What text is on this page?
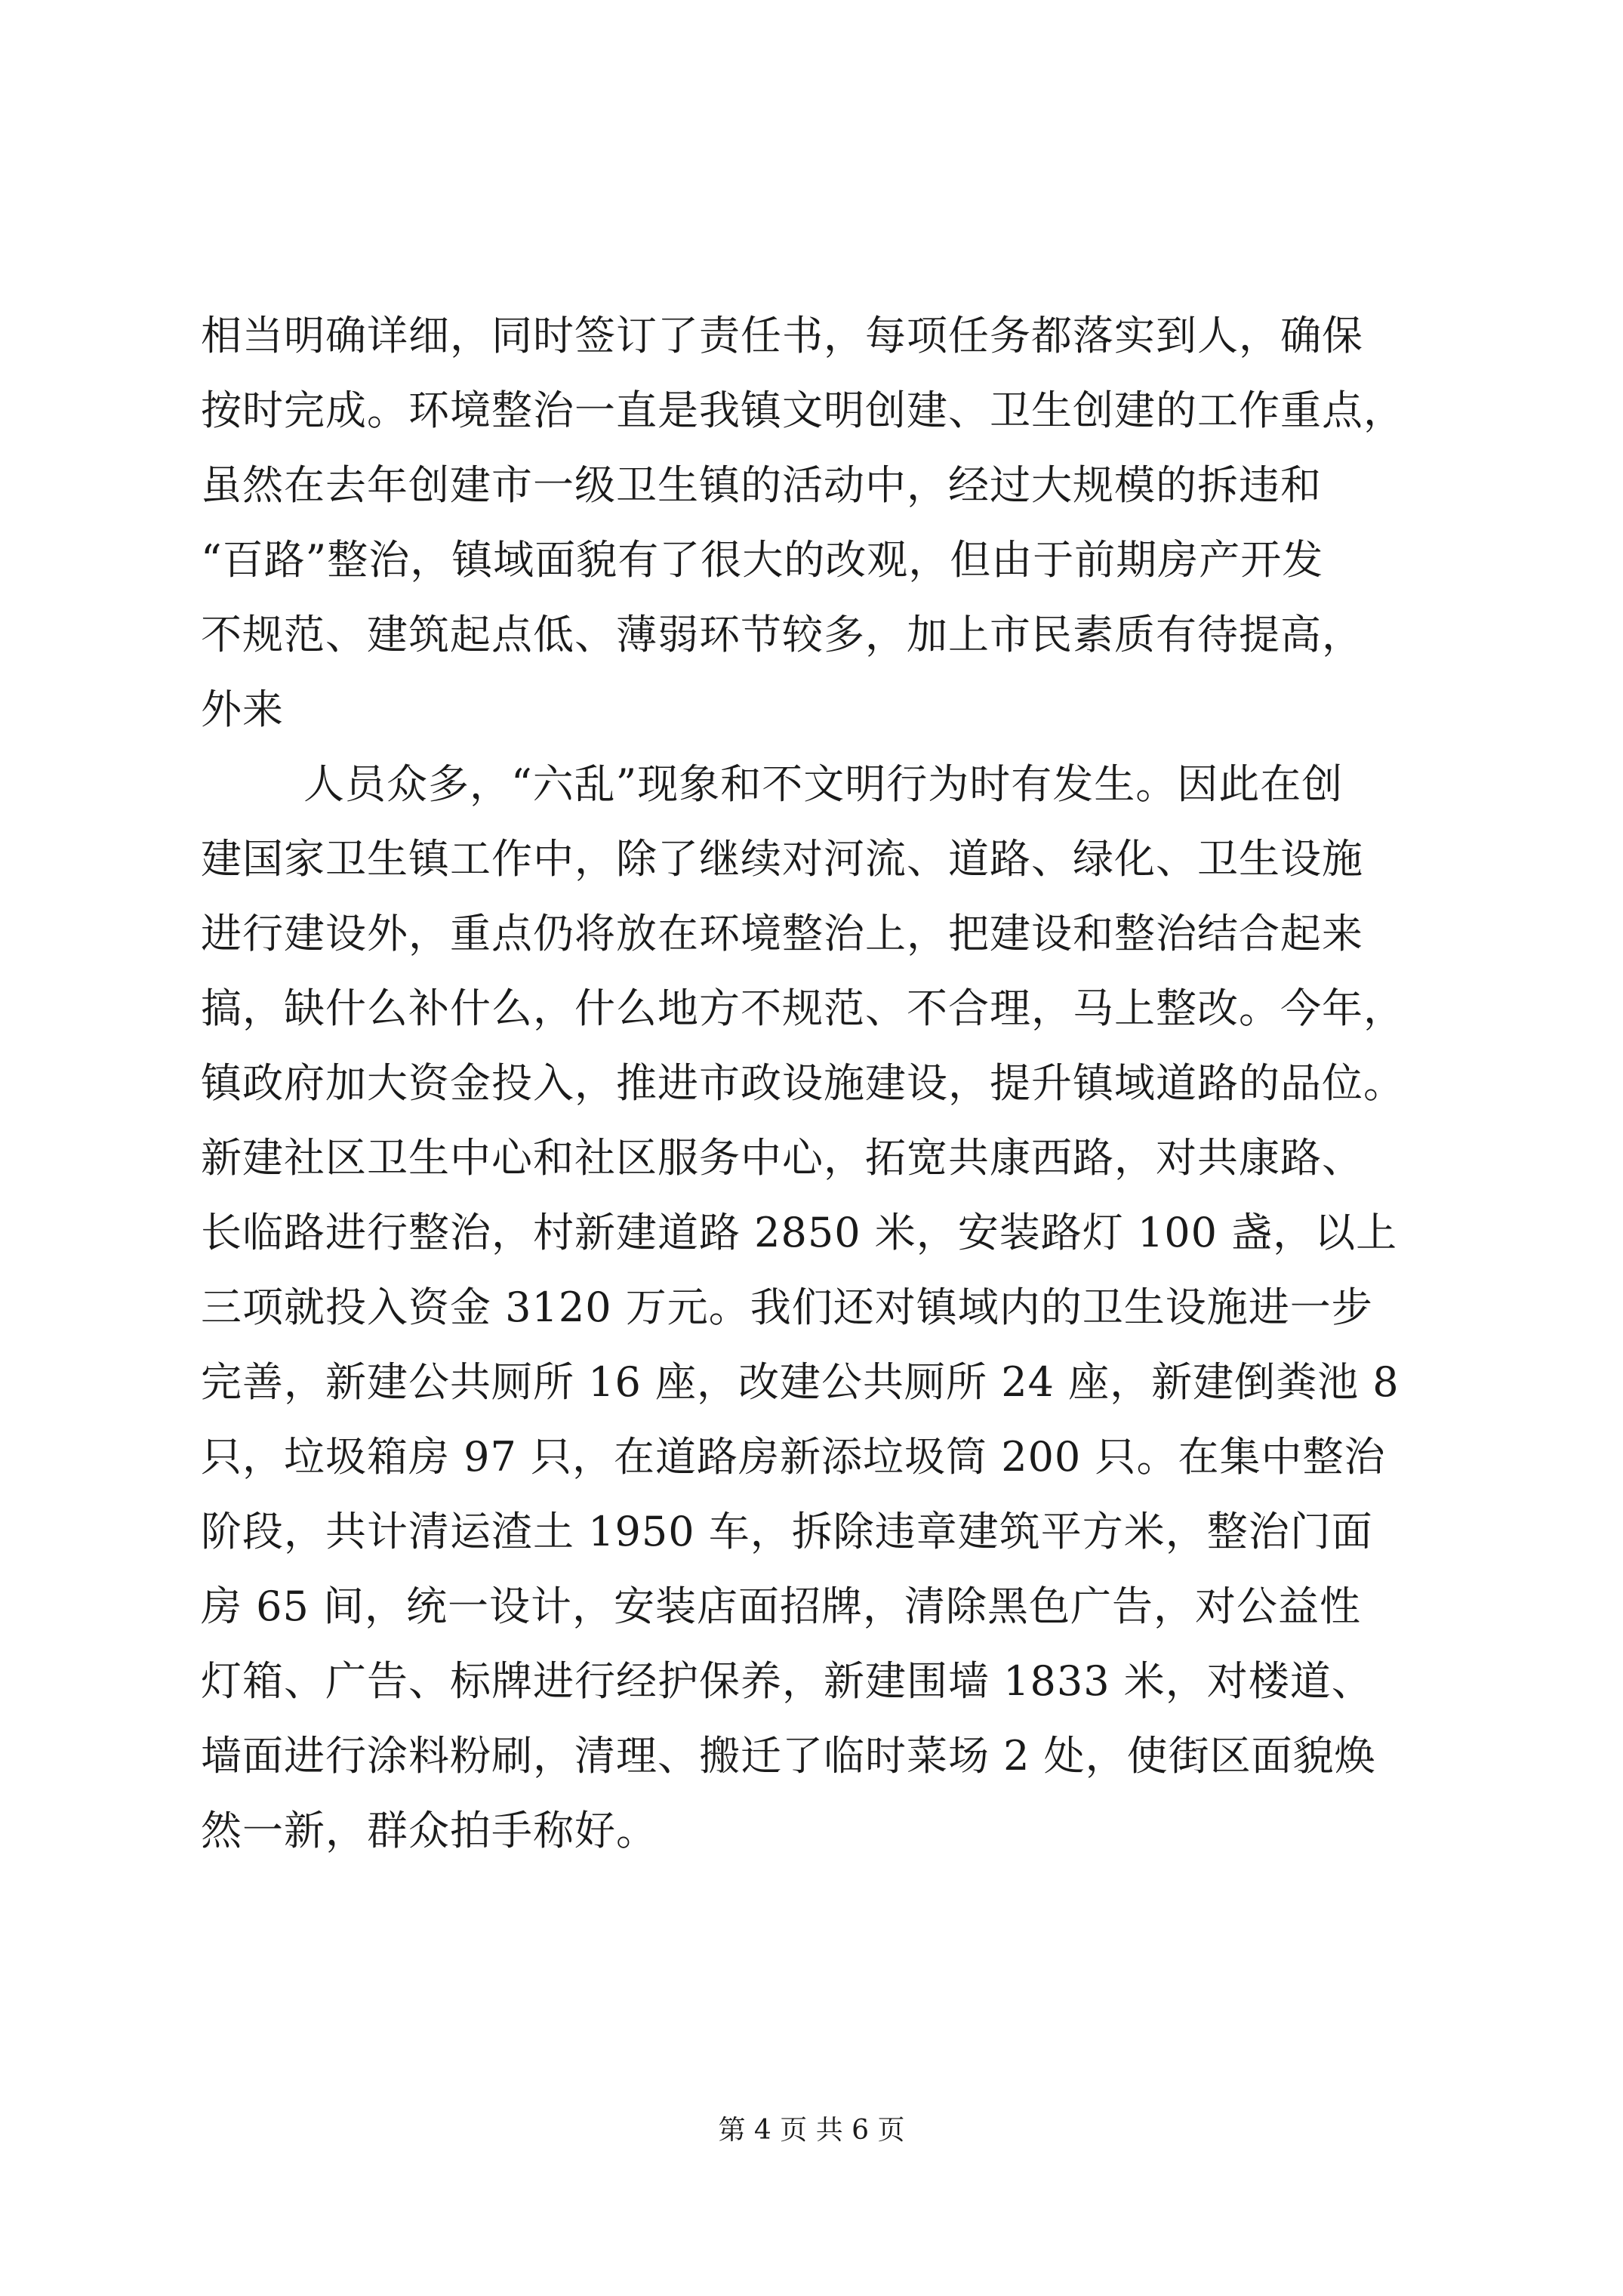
相当明确详细，同时签订了责任书，每项任务都落实到人，确保
按时完成。环境整治一直是我镇文明创建、卫生创建的工作重点，
虽然在去年创建市一级卫生镇的活动中，经过大规模的拆违和
“百路”整治，镇域面貌有了很大的改观，但由于前期房产开发
不规范、建筑起点低、薄弱环节较多，加上市民素质有待提高，
外来
人员众多，“六乱”现象和不文明行为时有发生。因此在创
建国家卫生镇工作中，除了继续对河流、道路、绿化、卫生设施
进行建设外，重点仍将放在环境整治上，把建设和整治结合起来
搞，缺什么补什么，什么地方不规范、不合理，马上整改。今年，
镇政府加大资金投入，推进市政设施建设，提升镇域道路的品位。
新建社区卫生中心和社区服务中心，拓宽共康西路，对共康路、
长临路进行整治，村新建道路 2850 米，安装路灯 100 盏，以上
三项就投入资金 3120 万元。我们还对镇域内的卫生设施进一步
完善，新建公共厕所 16 座，改建公共厕所 24 座，新建倒粪池 8
只，垃圾箱房 97 只，在道路房新添垃圾筒 200 只。在集中整治
阶段，共计清运渣土 1950 车，拆除违章建筑平方米，整治门面
房 65 间，统一设计，安装店面招牌，清除黑色广告，对公益性
灯箱、广告、标牌进行经护保养，新建围墙 1833 米，对楼道、
墙面进行涂料粉刷，清理、搬迁了临时菜场 2 处，使街区面貌焕
然一新，群众拍手称好。
第 4 页 共 6 页
